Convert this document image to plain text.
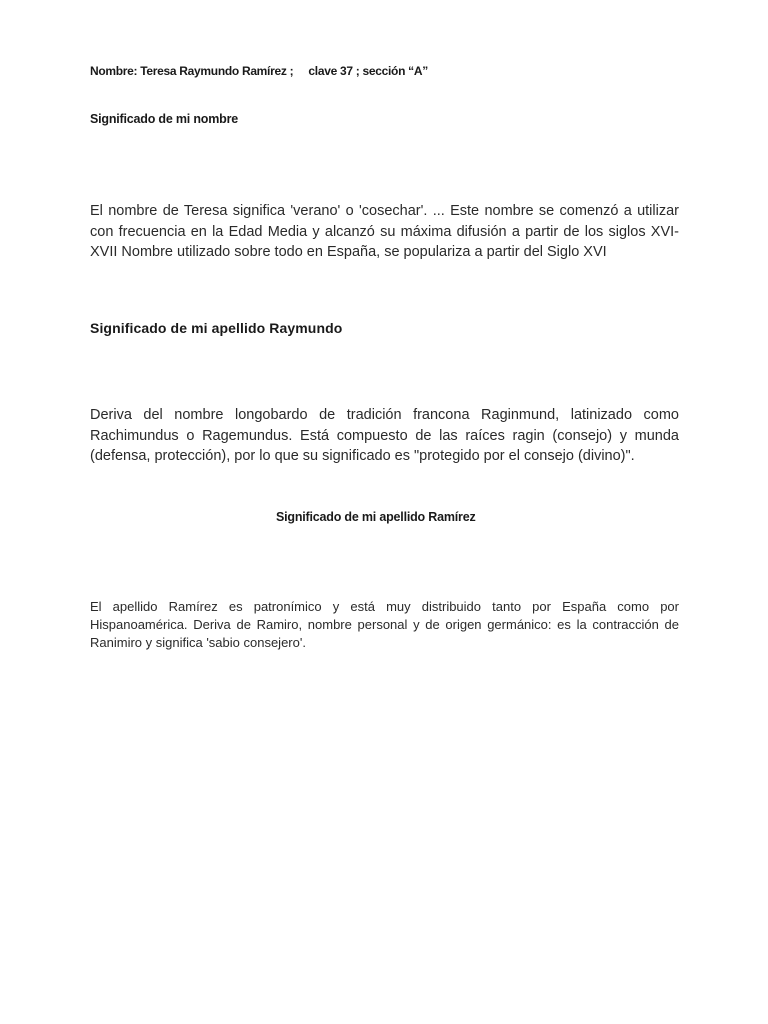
Nombre: Teresa Raymundo Ramírez ;     clave 37 ; sección “A”
Significado de mi nombre
El nombre de Teresa significa 'verano' o 'cosechar'. ... Este nombre se comenzó a utilizar con frecuencia en la Edad Media y alcanzó su máxima difusión a partir de los siglos XVI-XVII Nombre utilizado sobre todo en España, se populariza a partir del Siglo XVI
Significado de mi apellido Raymundo
Deriva del nombre longobardo de tradición francona Raginmund, latinizado como Rachimundus o Ragemundus. Está compuesto de las raíces ragin (consejo) y munda (defensa, protección), por lo que su significado es "protegido por el consejo (divino)".
Significado de mi apellido Ramírez
El apellido Ramírez es patronímico y está muy distribuido tanto por España como por Hispanoamérica. Deriva de Ramiro, nombre personal y de origen germánico: es la contracción de Ranimiro y significa 'sabio consejero'.
